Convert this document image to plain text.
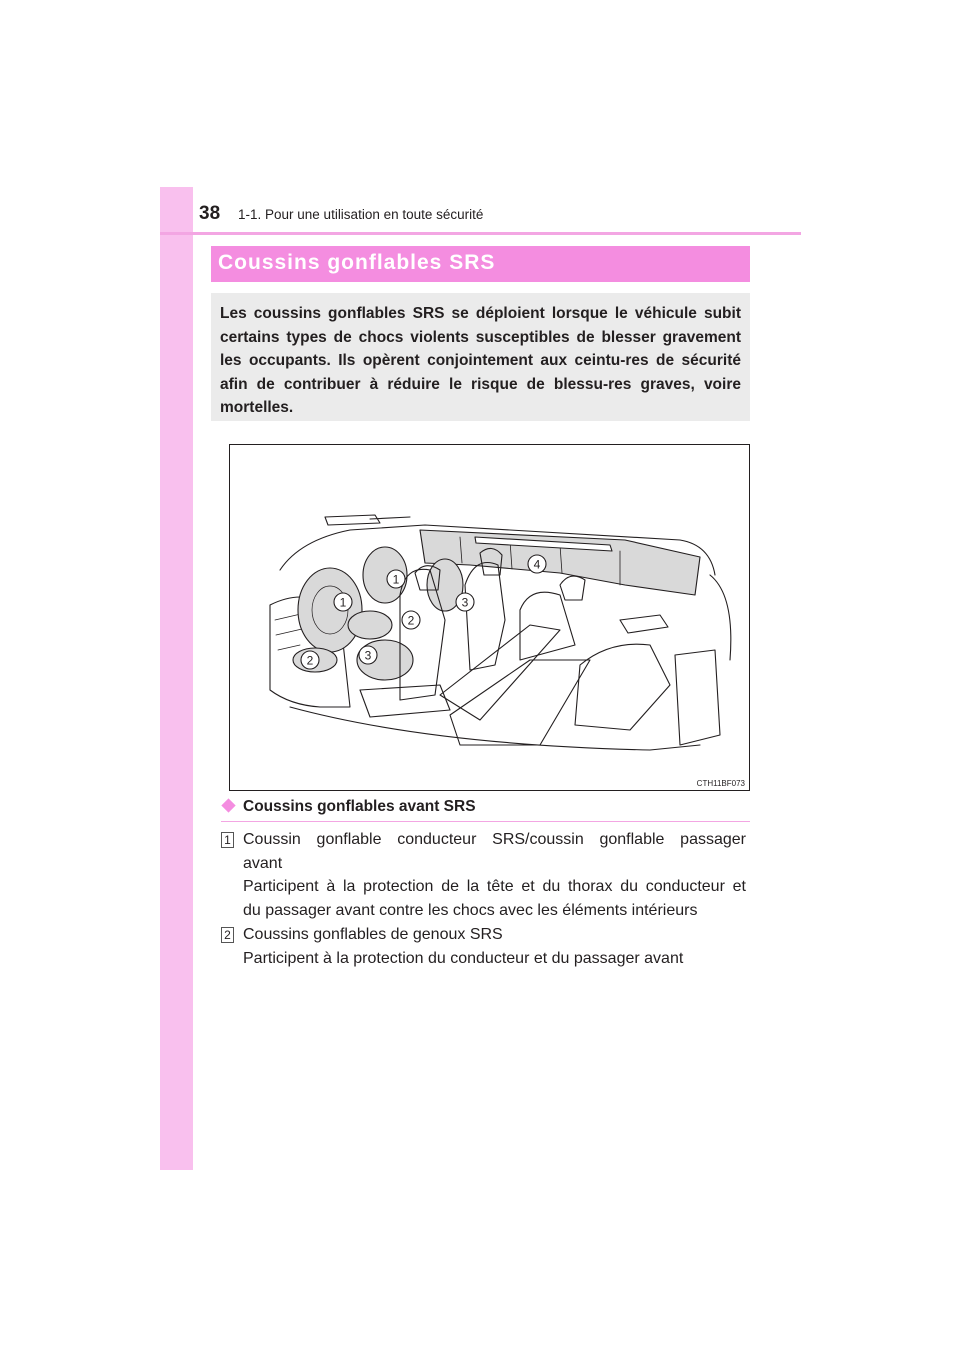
38 1-1. Pour une utilisation en toute sécurité
Coussins gonflables SRS

Les coussins gonflables SRS se déploient lorsque le véhicule subit certains types de chocs violents susceptibles de blesser gravement les occupants. Ils opèrent conjointement aux ceintu-res de sécurité afin de contribuer à réduire le risque de blessu-res graves, voire mortelles.

1
1
2
2
3
3
4
CTH11BF073
Coussins gonflables avant SRS
1 Coussin gonflable conducteur SRS/coussin gonflable passager
avant
Participent à la protection de la tête et du thorax du conducteur et
du passager avant contre les chocs avec les éléments intérieurs
2 Coussins gonflables de genoux SRS
Participent à la protection du conducteur et du passager avant
